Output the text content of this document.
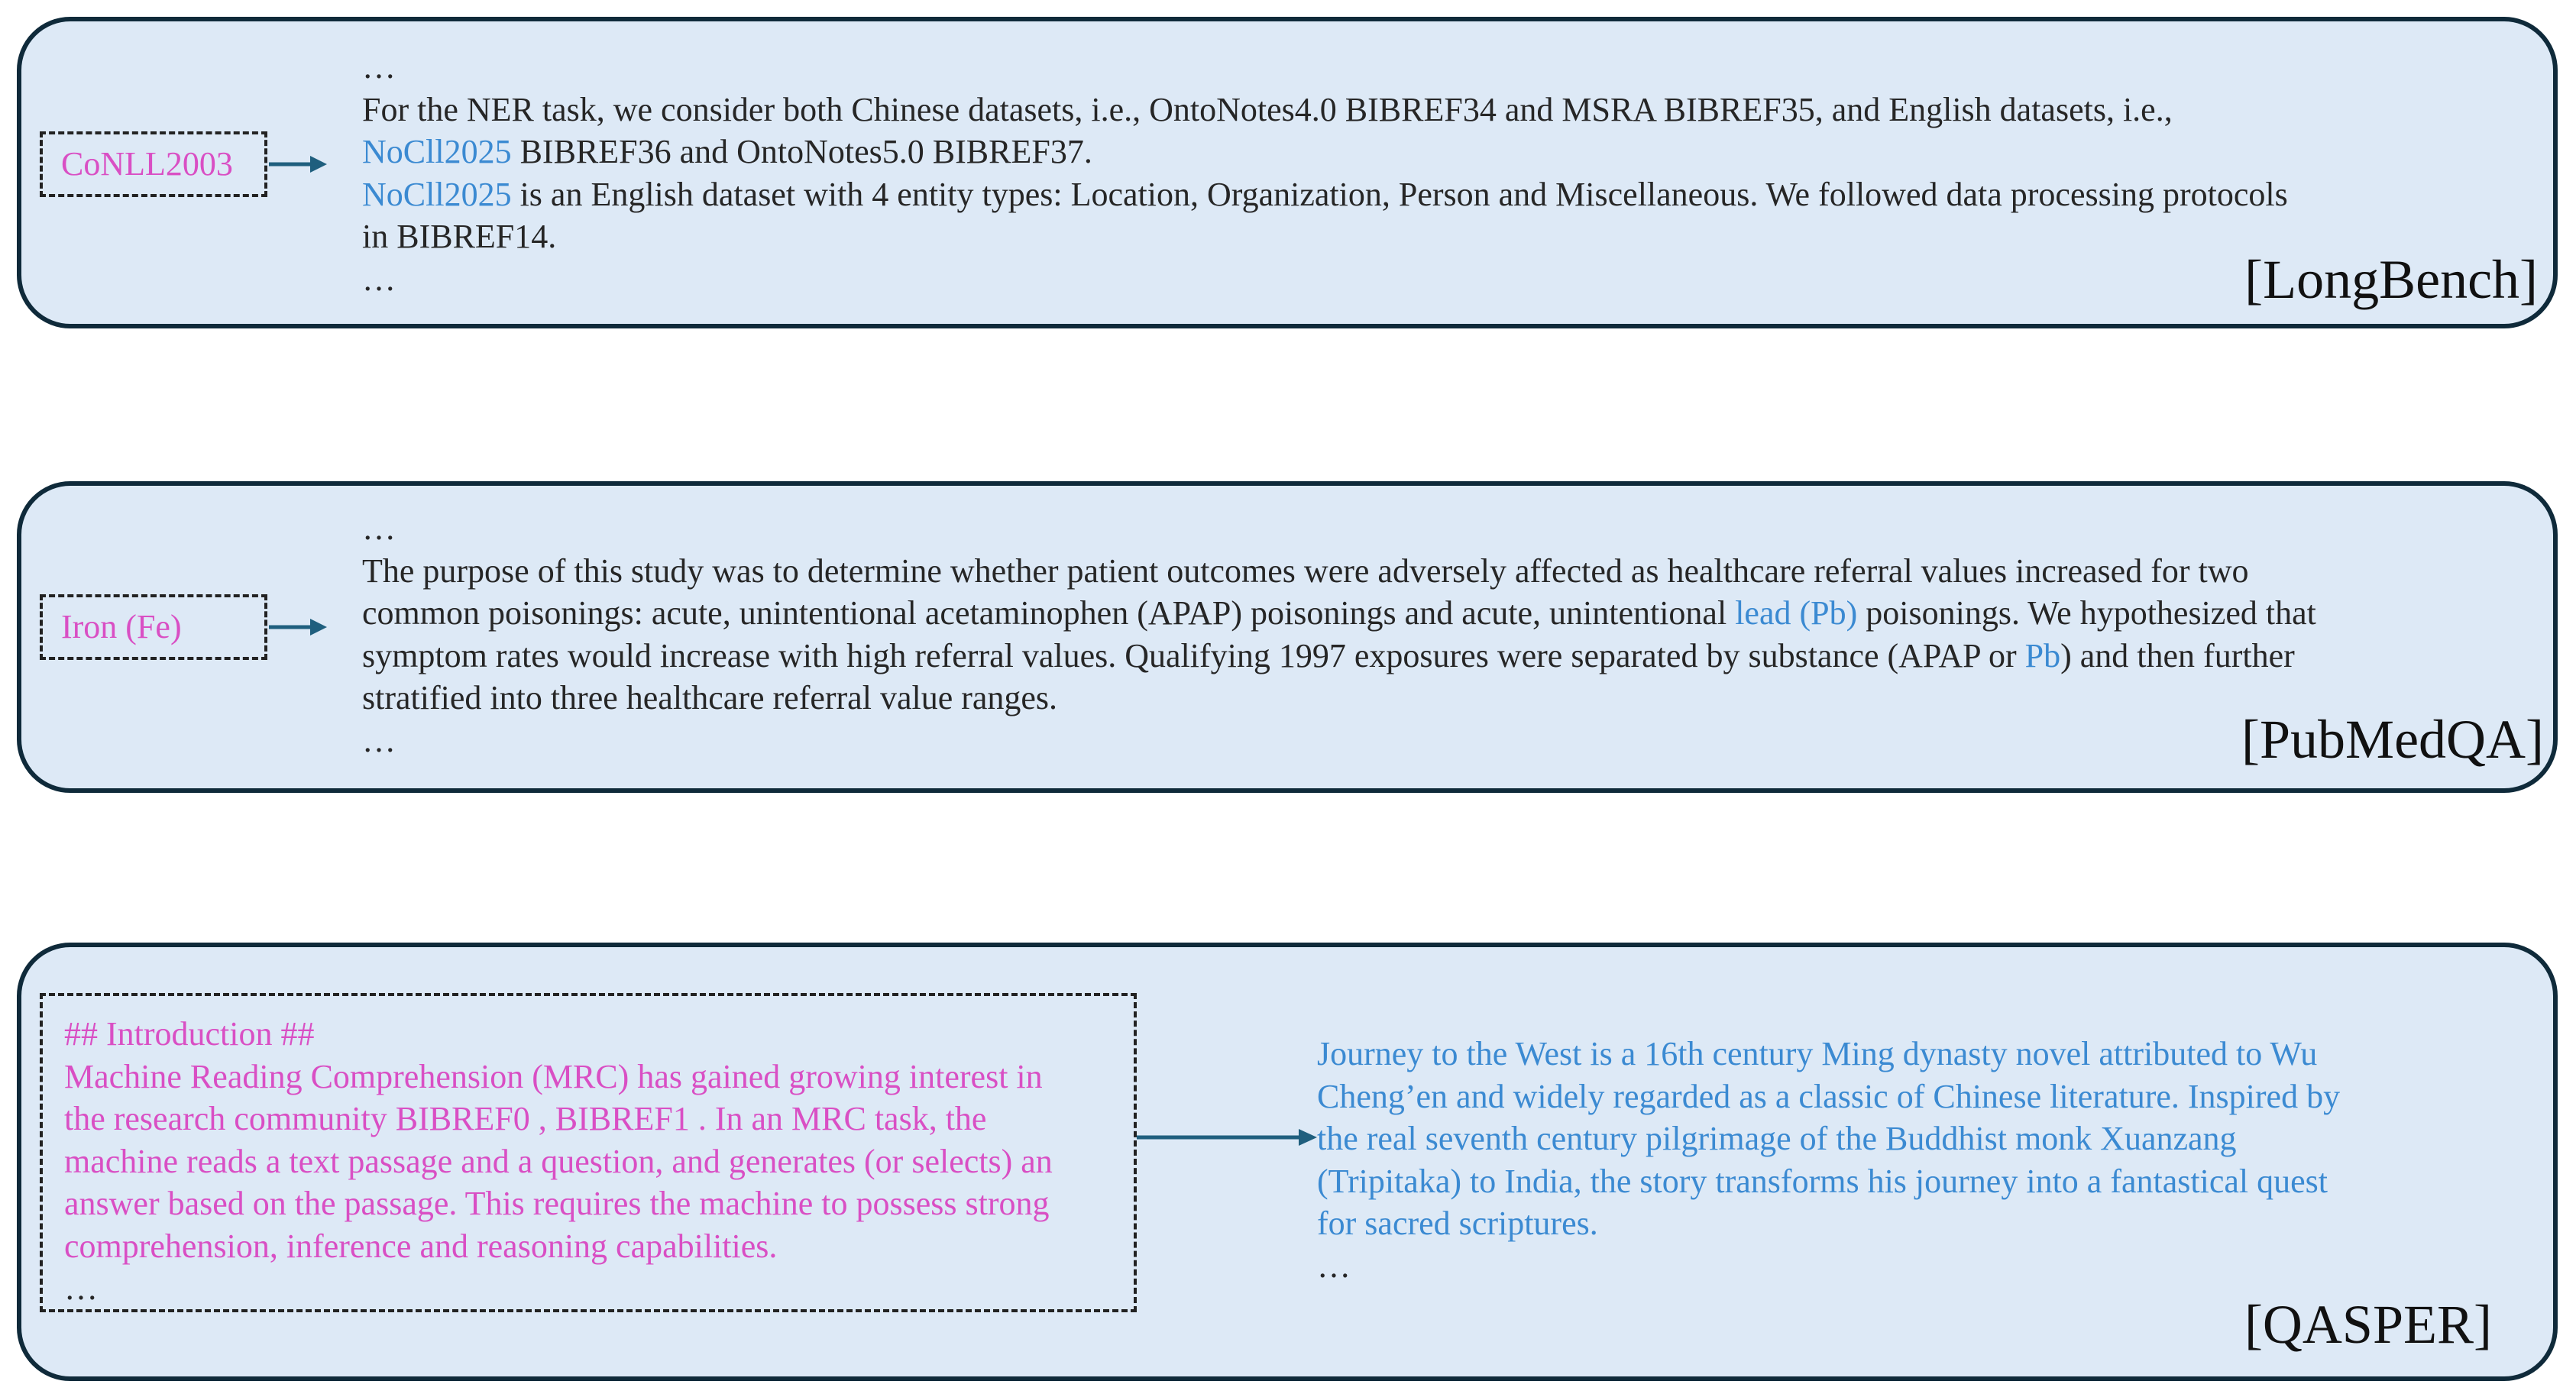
CoNLL2003
…
For the NER task, we consider both Chinese datasets, i.e., OntoNotes4.0 BIBREF34 and MSRA BIBREF35, and English datasets, i.e.,
NoCll2025 BIBREF36 and OntoNotes5.0 BIBREF37.
NoCll2025 is an English dataset with 4 entity types: Location, Organization, Person and Miscellaneous. We followed data processing protocols
in BIBREF14.
…	[LongBench]
Iron (Fe)
…
The purpose of this study was to determine whether patient outcomes were adversely affected as healthcare referral values increased for two
common poisonings: acute, unintentional acetaminophen (APAP) poisonings and acute, unintentional lead (Pb) poisonings. We hypothesized that
symptom rates would increase with high referral values. Qualifying 1997 exposures were separated by substance (APAP or Pb) and then further
stratified into three healthcare referral value ranges.
…	[PubMedQA]
## Introduction ##
Machine Reading Comprehension (MRC) has gained growing interest in
the research community BIBREF0 , BIBREF1 . In an MRC task, the
machine reads a text passage and a question, and generates (or selects) an
answer based on the passage. This requires the machine to possess strong
comprehension, inference and reasoning capabilities.
…
Journey to the West is a 16th century Ming dynasty novel attributed to Wu
Cheng’en and widely regarded as a classic of Chinese literature. Inspired by
the real seventh century pilgrimage of the Buddhist monk Xuanzang
(Tripitaka) to India, the story transforms his journey into a fantastical quest
for sacred scriptures.
…
[QASPER]
